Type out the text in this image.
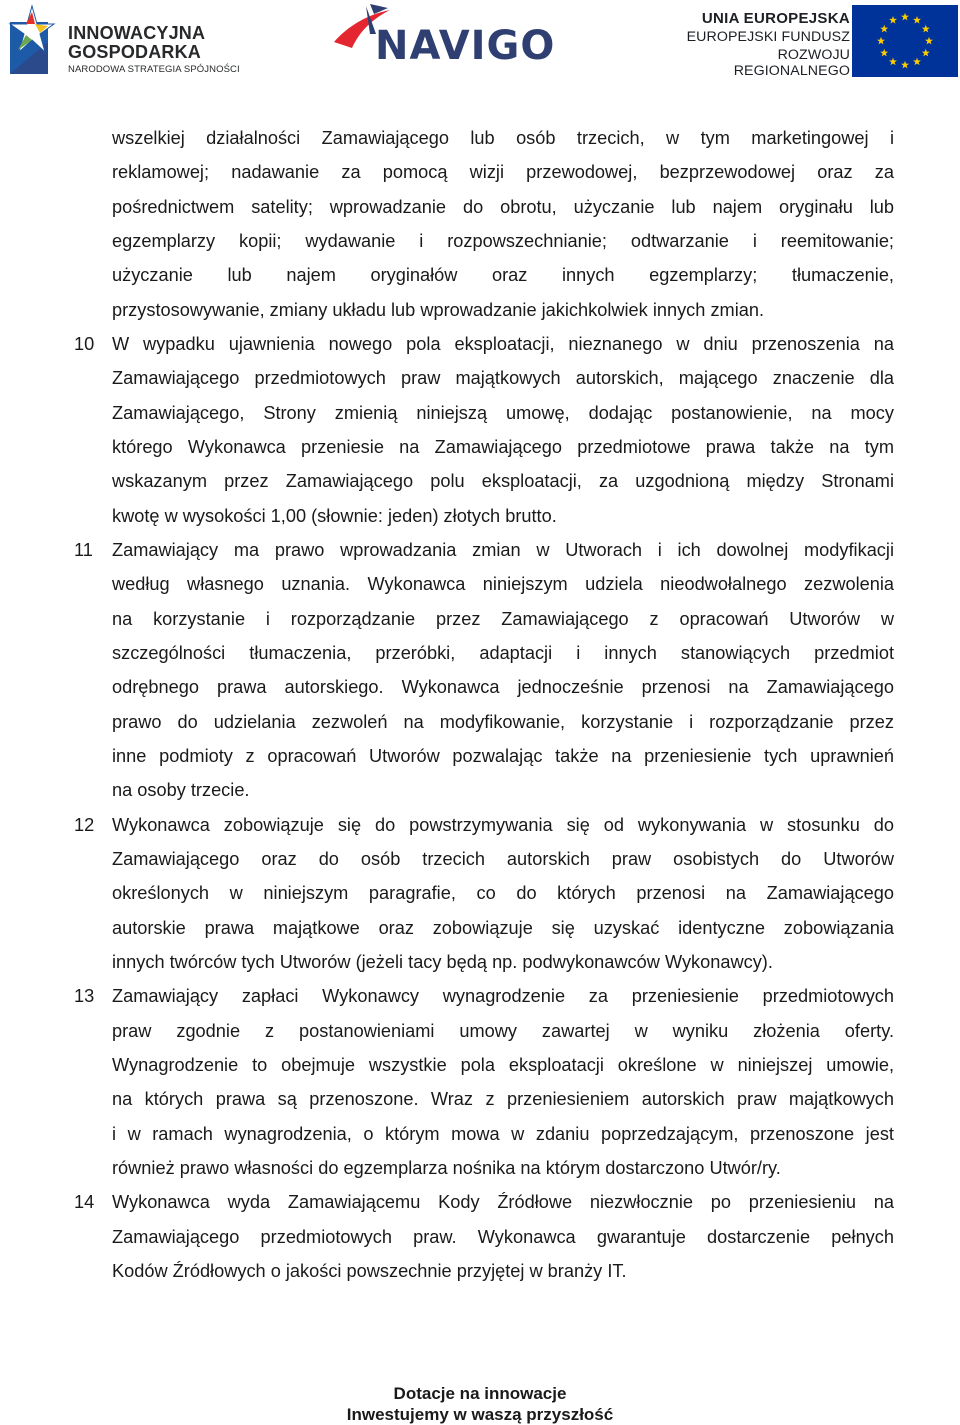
INNOWACYJNA
GOSPODARKA
NARODOWA STRATEGIA SPÓJNOŚCI
NAVIGO
UNIA EUROPEJSKA
EUROPEJSKI FUNDUSZ
ROZWOJU REGIONALNEGO
wszelkiej działalności Zamawiającego lub osób trzecich, w tym marketingowej i
reklamowej; nadawanie za pomocą wizji przewodowej, bezprzewodowej oraz za
pośrednictwem satelity; wprowadzanie do obrotu, użyczanie lub najem oryginału lub
egzemplarzy kopii; wydawanie i rozpowszechnianie; odtwarzanie i reemitowanie;
użyczanie lub najem oryginałów oraz innych egzemplarzy; tłumaczenie,
przystosowywanie, zmiany układu lub wprowadzanie jakichkolwiek innych zmian.
10 W wypadku ujawnienia nowego pola eksploatacji, nieznanego w dniu przenoszenia na
Zamawiającego przedmiotowych praw majątkowych autorskich, mającego znaczenie dla
Zamawiającego, Strony zmienią niniejszą umowę, dodając postanowienie, na mocy
którego Wykonawca przeniesie na Zamawiającego przedmiotowe prawa także na tym
wskazanym przez Zamawiającego polu eksploatacji, za uzgodnioną między Stronami
kwotę w wysokości 1,00 (słownie: jeden) złotych brutto.
11	Zamawiający ma prawo wprowadzania zmian w Utworach i ich dowolnej modyfikacji
według własnego uznania. Wykonawca niniejszym udziela nieodwołalnego zezwolenia
na korzystanie i rozporządzanie przez Zamawiającego z opracowań Utworów w
szczególności tłumaczenia, przeróbki, adaptacji i innych stanowiących przedmiot
odrębnego prawa autorskiego. Wykonawca jednocześnie przenosi na Zamawiającego
prawo do udzielania zezwoleń na modyfikowanie, korzystanie i rozporządzanie przez
inne podmioty z opracowań Utworów pozwalając także na przeniesienie tych uprawnień
na osoby trzecie.
12 Wykonawca zobowiązuje się do powstrzymywania się od wykonywania w stosunku do
Zamawiającego oraz do osób trzecich autorskich praw osobistych do Utworów
określonych w niniejszym paragrafie, co do których przenosi na Zamawiającego
autorskie prawa majątkowe oraz zobowiązuje się uzyskać identyczne zobowiązania
innych twórców tych Utworów (jeżeli tacy będą np. podwykonawców Wykonawcy).
13 Zamawiający zapłaci Wykonawcy wynagrodzenie za przeniesienie przedmiotowych
praw zgodnie z postanowieniami umowy zawartej w wyniku złożenia oferty.
Wynagrodzenie to obejmuje wszystkie pola eksploatacji określone w niniejszej umowie,
na których prawa są przenoszone. Wraz z przeniesieniem autorskich praw majątkowych
i w ramach wynagrodzenia, o którym mowa w zdaniu poprzedzającym, przenoszone jest
również prawo własności do egzemplarza nośnika na którym dostarczono Utwór/ry.
14 Wykonawca wyda Zamawiającemu Kody Źródłowe niezwłocznie po przeniesieniu na
Zamawiającego przedmiotowych praw. Wykonawca gwarantuje dostarczenie pełnych
Kodów Źródłowych o jakości powszechnie przyjętej w branży IT.
Dotacje na innowacje
Inwestujemy w waszą przyszłość
